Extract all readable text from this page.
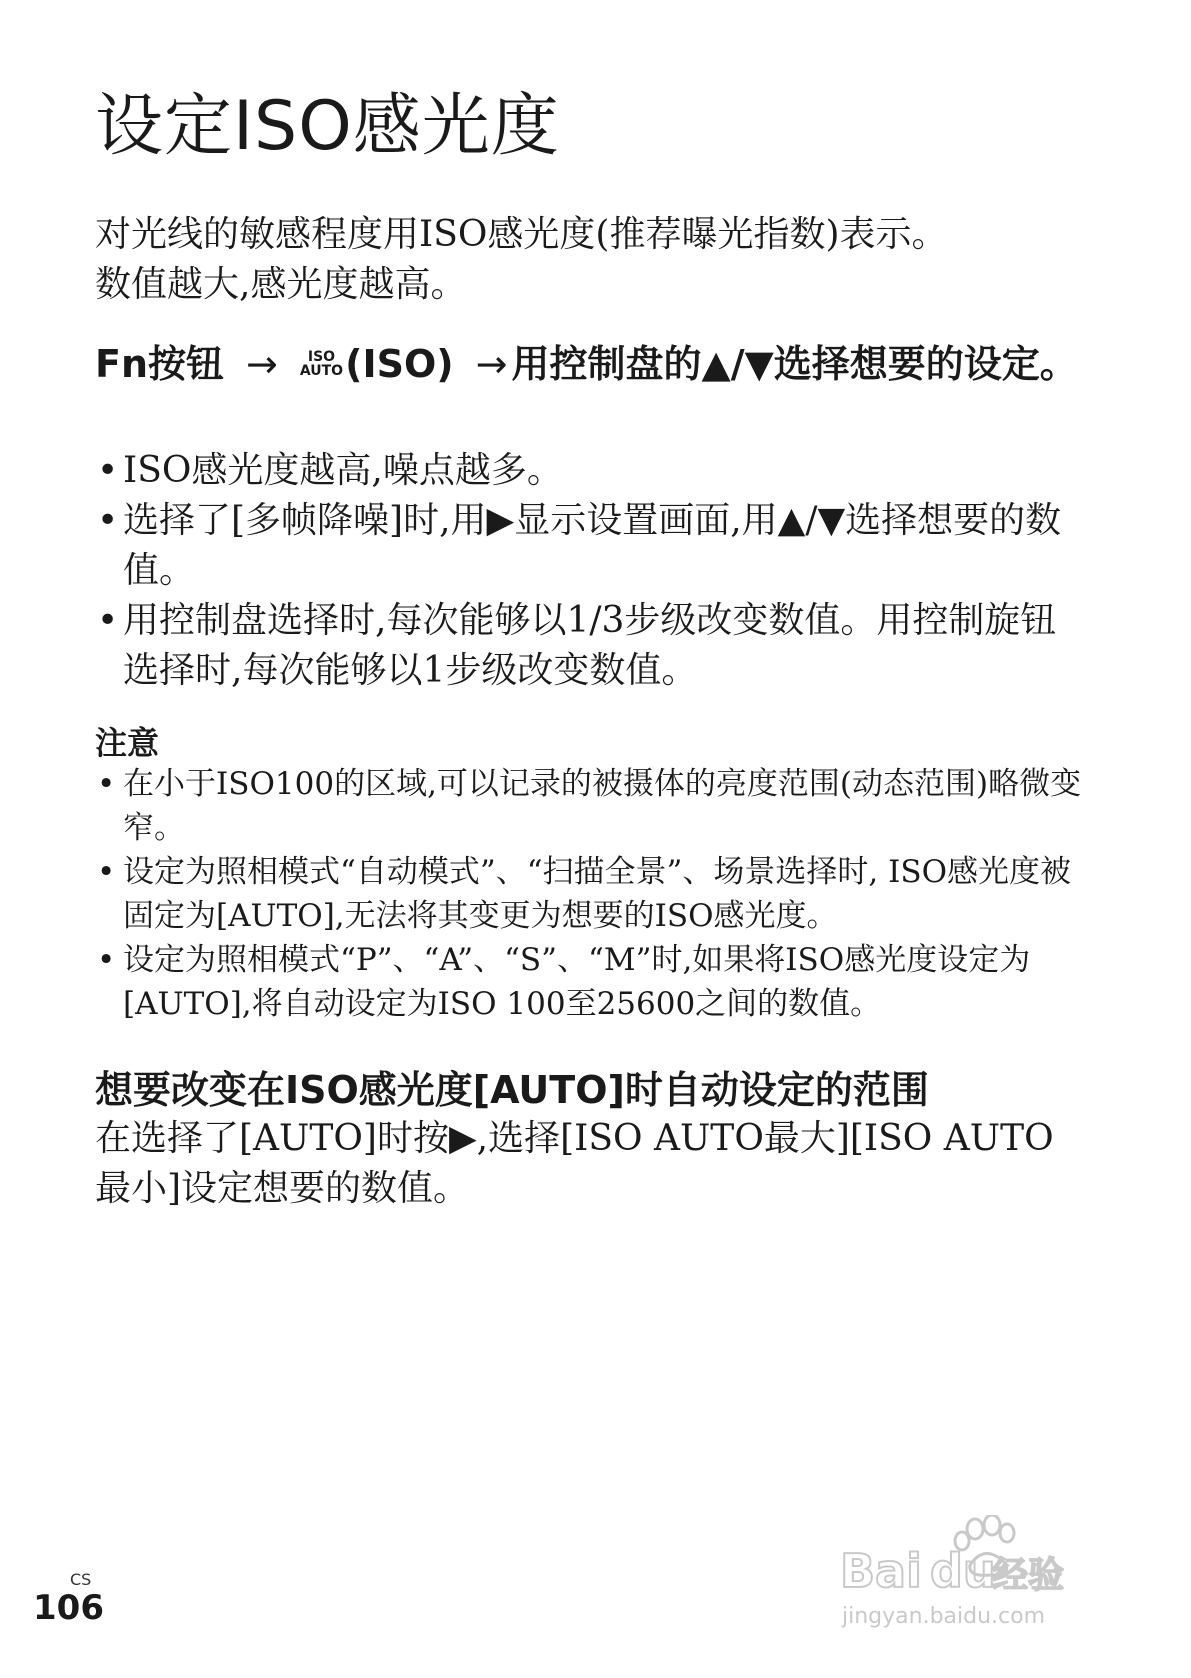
设定ISO感光度

对光线的敏感程度用ISO感光度(推荐曝光指数)表示。

数值越大,感光度越高。

Fn按钮 →	ISO
AUTO (ISO) → 用控制盘的▲/▼选择想要的设定。

• ISO感光度越高,噪点越多。
• 选择了[多帧降噪]时,用▶显示设置画面,用▲/▼选择想要的数值。
• 用控制盘选择时,每次能够以1/3步级改变数值。用控制旋钮选择时,每次能够以1步级改变数值。
注意
• 在小于ISO100的区域,可以记录的被摄体的亮度范围(动态范围)略微变窄。
• 设定为照相模式“自动模式”、“扫描全景”、场景选择时, ISO感光度被固定为[AUTO],无法将其变更为想要的ISO感光度。
• 设定为照相模式“P”、“A”、“S”、“M”时,如果将ISO感光度设定为[AUTO],将自动设定为ISO 100至25600之间的数值。
想要改变在ISO感光度[AUTO]时自动设定的范围

在选择了[AUTO]时按▶,选择[ISO AUTO最大][ISO AUTO最小]设定想要的数值。

CS
106
Bai du
经验
jingyan.baidu.com
